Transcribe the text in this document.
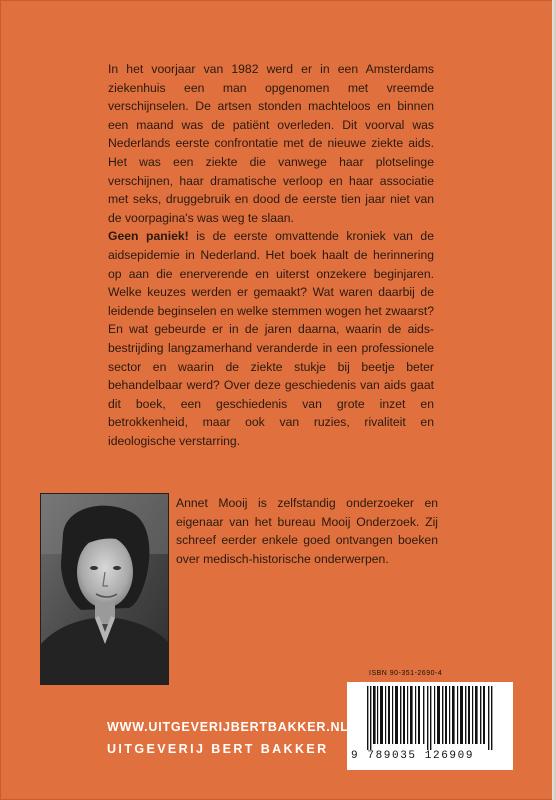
In het voorjaar van 1982 werd er in een Amsterdams ziekenhuis een man opgenomen met vreemde verschijnselen. De artsen stonden machteloos en binnen een maand was de patiënt overleden. Dit voorval was Nederlands eerste confrontatie met de nieuwe ziekte aids. Het was een ziekte die vanwege haar plotselinge verschijnen, haar dramatische verloop en haar associatie met seks, druggebruik en dood de eerste tien jaar niet van de voorpagina's was weg te slaan.

Geen paniek! is de eerste omvattende kroniek van de aidsepidemie in Nederland. Het boek haalt de herinnering op aan die enerverende en uiterst onzekere beginjaren. Welke keuzes werden er gemaakt? Wat waren daarbij de leidende beginselen en welke stemmen wogen het zwaarst? En wat gebeurde er in de jaren daarna, waarin de aids-bestrijding langzamerhand veranderde in een professionele sector en waarin de ziekte stukje bij beetje beter behandelbaar werd? Over deze geschiedenis van aids gaat dit boek, een geschiedenis van grote inzet en betrokkenheid, maar ook van ruzies, rivaliteit en ideologische verstarring.

Annet Mooij is zelfstandig onderzoeker en eigenaar van het bureau Mooij Onderzoek. Zij schreef eerder enkele goed ontvangen boeken over medisch-historische onderwerpen.

ISBN 90-351-2690-4
9 789035 126909
WWW.UITGEVERIJBERTBAKKER.NL
UITGEVERIJ BERT BAKKER
